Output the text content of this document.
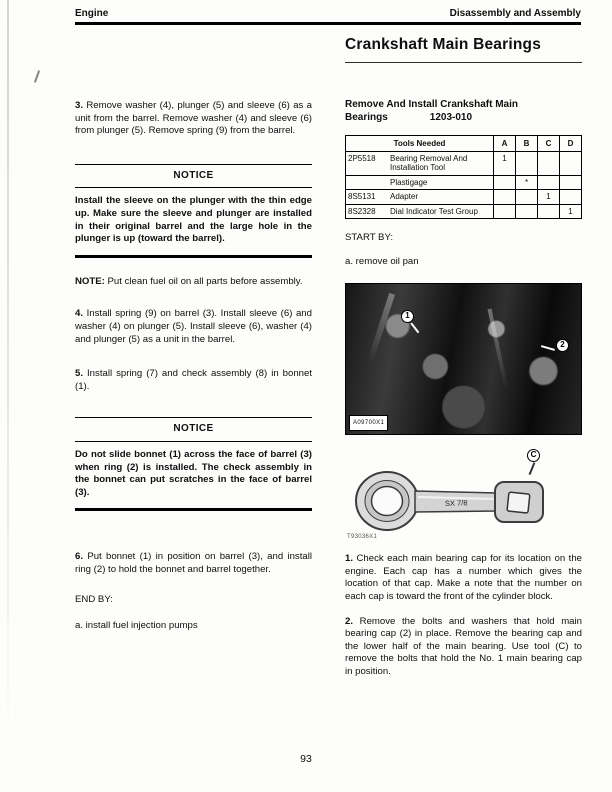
Engine	Disassembly and Assembly
Crankshaft Main Bearings

3. Remove washer (4), plunger (5) and sleeve (6) as a unit from the barrel. Remove washer (4) and sleeve (6) from plunger (5). Remove spring (9) from the barrel.

NOTICE

Install the sleeve on the plunger with the thin edge up. Make sure the sleeve and plunger are installed in their original barrel and the large hole in the plunger is up (toward the barrel).

NOTE: Put clean fuel oil on all parts before assembly.

4. Install spring (9) on barrel (3). Install sleeve (6) and washer (4) on plunger (5). Install sleeve (6), washer (4) and plunger (5) as a unit in the barrel.

5. Install spring (7) and check assembly (8) in bonnet (1).

NOTICE

Do not slide bonnet (1) across the face of barrel (3) when ring (2) is installed. The check assembly in the bonnet can put scratches in the face of barrel (3).

6. Put bonnet (1) in position on barrel (3), and install ring (2) to hold the bonnet and barrel together.

END BY:

a. install fuel injection pumps

Remove And Install Crankshaft Main
Bearings	1203-010
Tools Needed	A	B	C	D

2P5518 Bearing Removal And Installation Tool	1			

Plastigage		*		

8S5131 Adapter			1	

8S2328 Dial Indicator Test Group				1

START BY:

a. remove oil pan

1
2
A09700X1
SX 7/8
C
T93036X1

1. Check each main bearing cap for its location on the engine. Each cap has a number which gives the location of that cap. Make a note that the number on each cap is toward the front of the cylinder block.

2. Remove the bolts and washers that hold main bearing cap (2) in place. Remove the bearing cap and the lower half of the main bearing. Use tool (C) to remove the bolts that hold the No. 1 main bearing cap in position.

93
